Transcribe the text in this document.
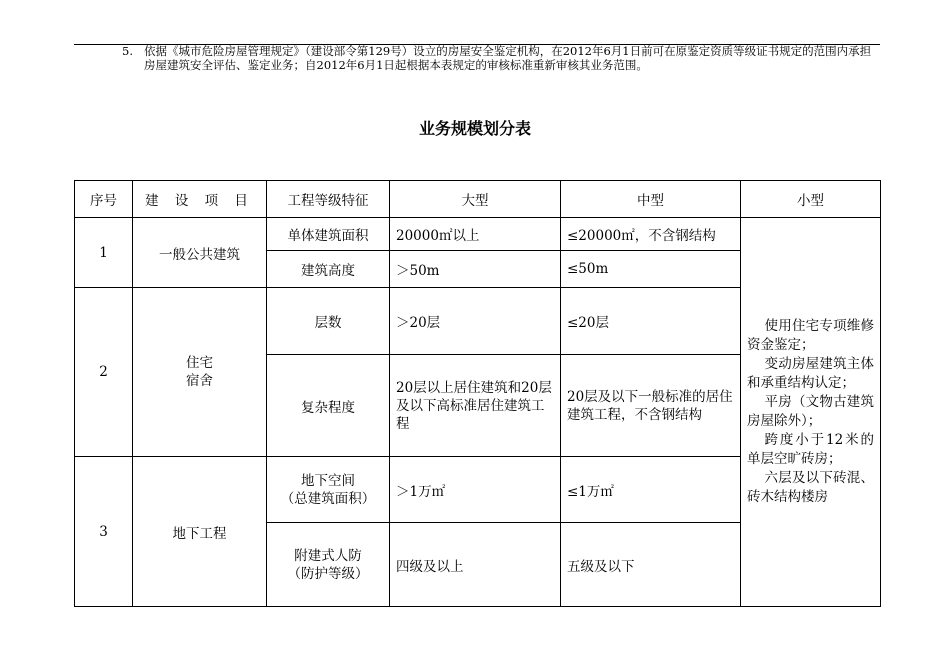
5. 依据《城市危险房屋管理规定》（建设部令第129号）设立的房屋安全鉴定机构，在2012年6月1日前可在原鉴定资质等级证书规定的范围内承担房屋建筑安全评估、鉴定业务；自2012年6月1日起根据本表规定的审核标准重新审核其业务范围。
业务规模划分表
序号	建 设 项 目	工程等级特征	大型	中型	小型
1	一般公共建筑	单体建筑面积	20000㎡以上	≤20000㎡，不含钢结构	使用住宅专项维修资金鉴定；

变动房屋建筑主体和承重结构认定；

平房（文物古建筑房屋除外）；

跨度小于12米的单层空旷砖房；

六层及以下砖混、砖木结构楼房

		建筑高度	＞50m	≤50m	
2	住宅
宿舍	层数	＞20层	≤20层	
		复杂程度	20层以上居住建筑和20层及以下高标准居住建筑工程	20层及以下一般标准的居住建筑工程，不含钢结构	
3	地下工程	地下空间
（总建筑面积）	＞1万㎡	≤1万㎡	

		附建式人防
（防护等级）	四级及以上	五级及以下	
